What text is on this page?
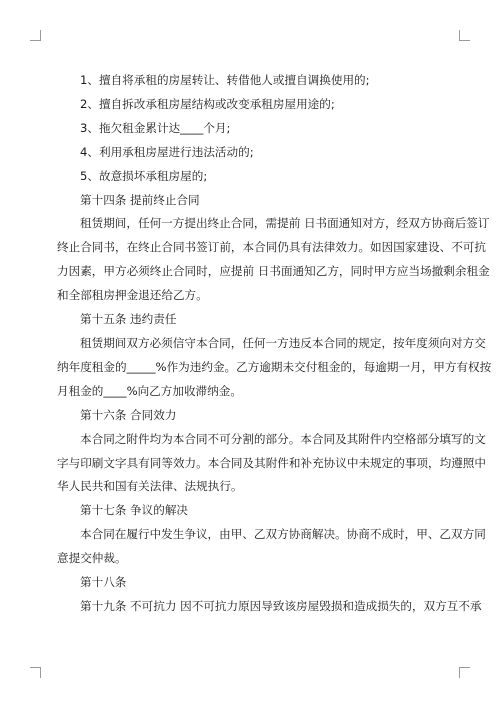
1、擅自将承租的房屋转让、转借他人或擅自调换使用的;

2、擅自拆改承租房屋结构或改变承租房屋用途的;

3、拖欠租金累计达____个月;

4、利用承租房屋进行违法活动的;

5、故意损坏承租房屋的;

第十四条 提前终止合同

租赁期间，任何一方提出终止合同，需提前 日书面通知对方，经双方协商后签订
终止合同书，在终止合同书签订前，本合同仍具有法律效力。如因国家建设、不可抗
力因素，甲方必须终止合同时，应提前 日书面通知乙方，同时甲方应当场撤剩余租金
和全部租房押金退还给乙方。

第十五条 违约责任

租赁期间双方必须信守本合同，任何一方违反本合同的规定，按年度须向对方交
纳年度租金的_____%作为违约金。乙方逾期未交付租金的，每逾期一月，甲方有权按
月租金的____%向乙方加收滞纳金。

第十六条 合同效力

本合同之附件均为本合同不可分割的部分。本合同及其附件内空格部分填写的文
字与印刷文字具有同等效力。本合同及其附件和补充协议中未规定的事项，均遵照中
华人民共和国有关法律、法规执行。

第十七条 争议的解决

本合同在履行中发生争议，由甲、乙双方协商解决。协商不成时，甲、乙双方同
意提交仲裁。

第十八条

第十九条 不可抗力 因不可抗力原因导致该房屋毁损和造成损失的，双方互不承
